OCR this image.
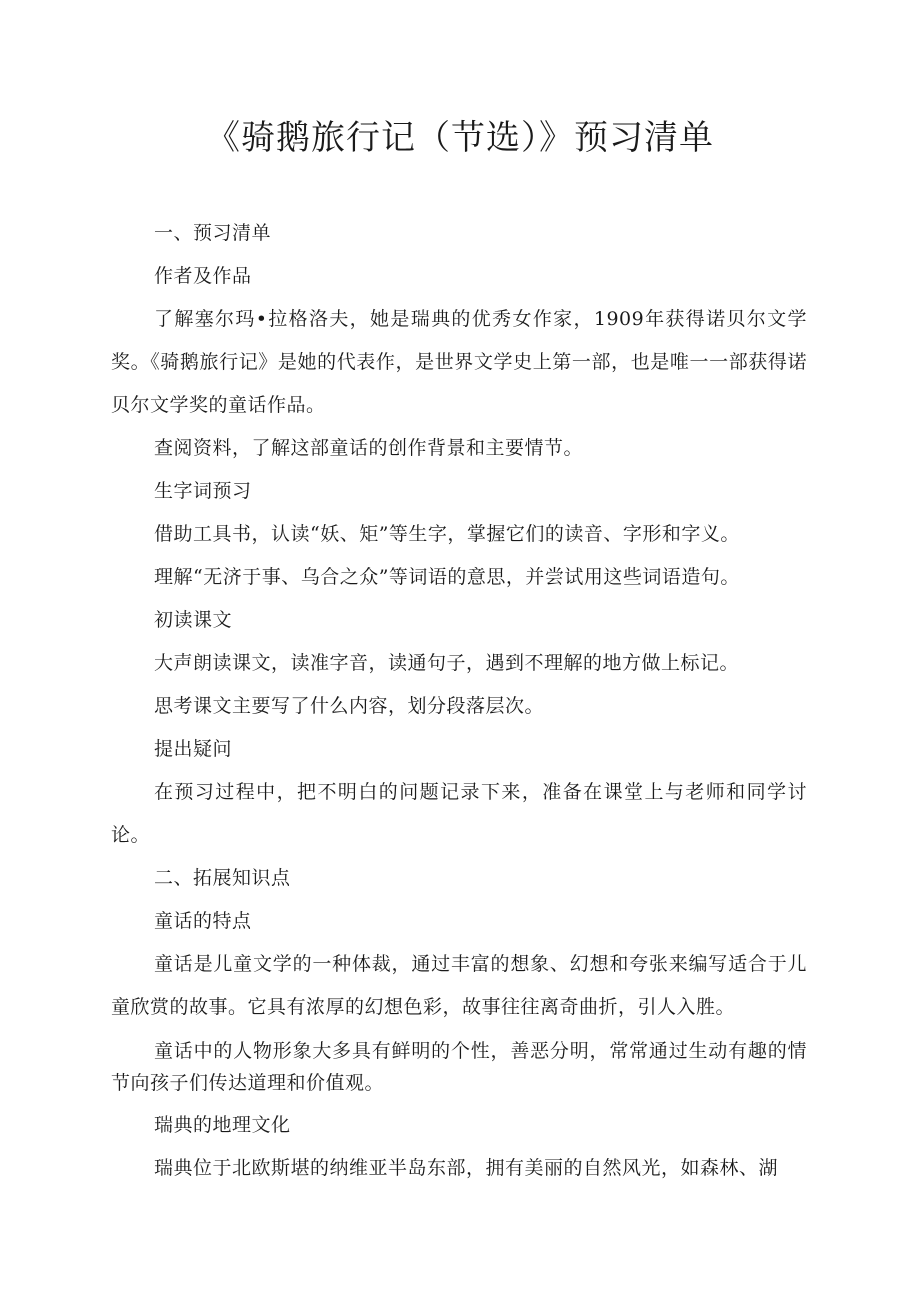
《骑鹅旅行记（节选）》预习清单

一、预习清单

作者及作品

了解塞尔玛•拉格洛夫，她是瑞典的优秀女作家，1909年获得诺贝尔文学奖。《骑鹅旅行记》是她的代表作，是世界文学史上第一部，也是唯一一部获得诺贝尔文学奖的童话作品。

查阅资料，了解这部童话的创作背景和主要情节。

生字词预习

借助工具书，认读“妖、矩”等生字，掌握它们的读音、字形和字义。

理解“无济于事、乌合之众”等词语的意思，并尝试用这些词语造句。

初读课文

大声朗读课文，读准字音，读通句子，遇到不理解的地方做上标记。

思考课文主要写了什么内容，划分段落层次。

提出疑问

在预习过程中，把不明白的问题记录下来，准备在课堂上与老师和同学讨论。

二、拓展知识点

童话的特点

童话是儿童文学的一种体裁，通过丰富的想象、幻想和夸张来编写适合于儿童欣赏的故事。它具有浓厚的幻想色彩，故事往往离奇曲折，引人入胜。

童话中的人物形象大多具有鲜明的个性，善恶分明，常常通过生动有趣的情节向孩子们传达道理和价值观。

瑞典的地理文化

瑞典位于北欧斯堪的纳维亚半岛东部，拥有美丽的自然风光，如森林、湖
